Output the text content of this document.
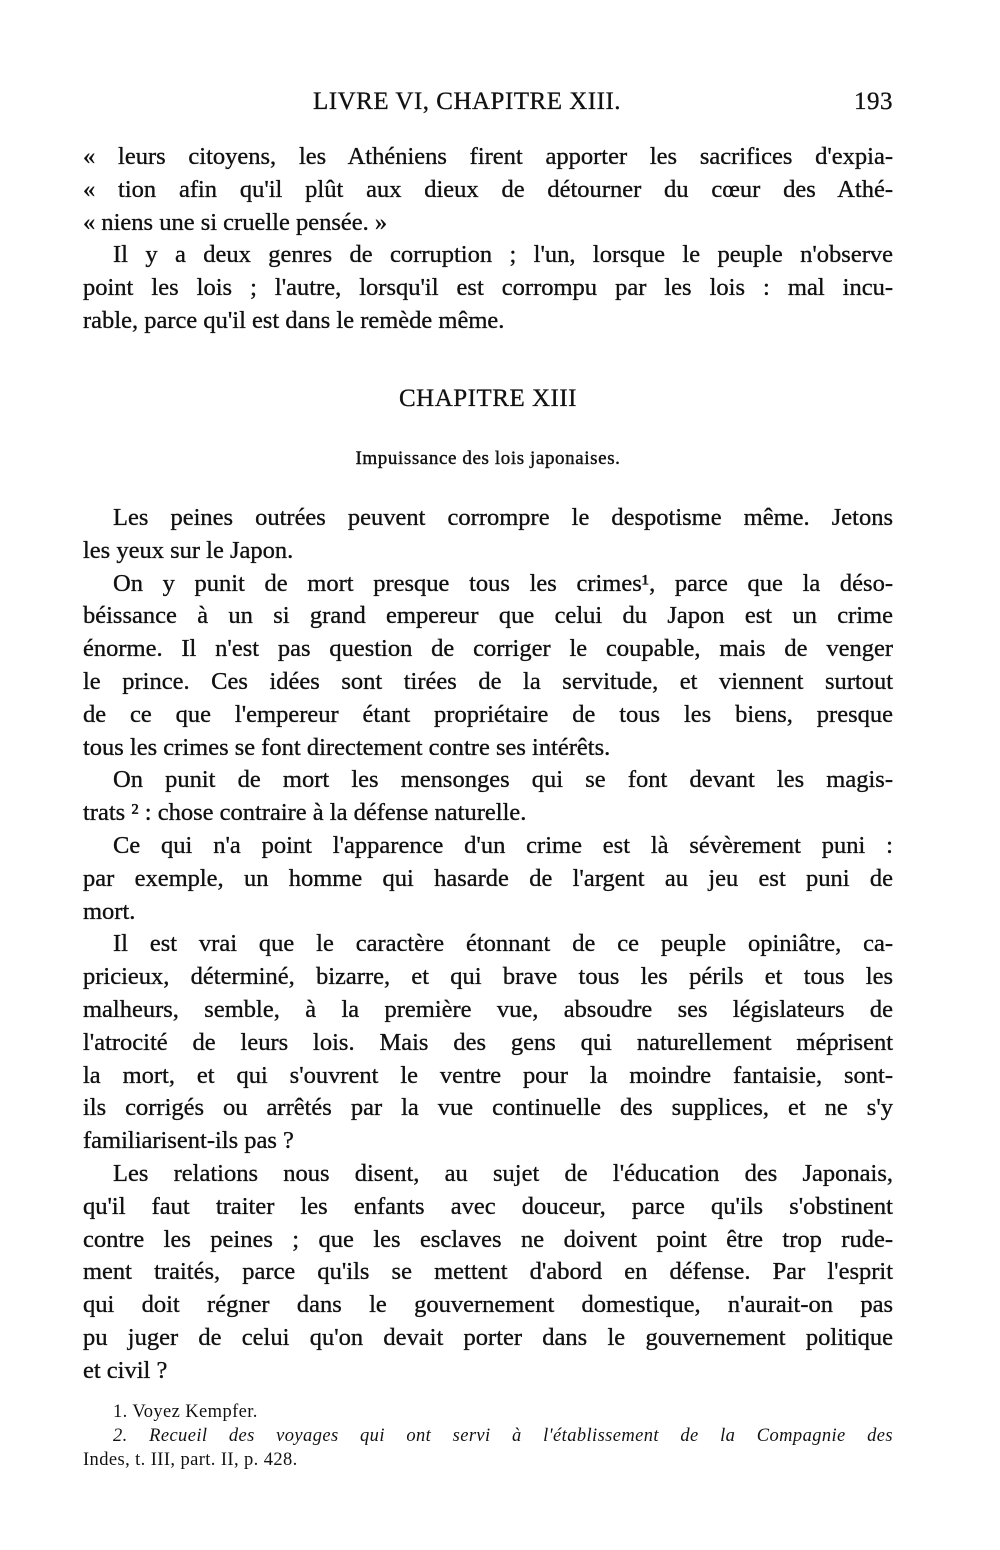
LIVRE VI, CHAPITRE XIII.	193
« leurs citoyens, les Athéniens firent apporter les sacrifices d'expia-
« tion afin qu'il plût aux dieux de détourner du cœur des Athé-
« niens une si cruelle pensée. »
Il y a deux genres de corruption ; l'un, lorsque le peuple n'observe
point les lois ; l'autre, lorsqu'il est corrompu par les lois : mal incu-
rable, parce qu'il est dans le remède même.
CHAPITRE XIII
Impuissance des lois japonaises.
Les peines outrées peuvent corrompre le despotisme même. Jetons
les yeux sur le Japon.
On y punit de mort presque tous les crimes¹, parce que la déso-
béissance à un si grand empereur que celui du Japon est un crime
énorme. Il n'est pas question de corriger le coupable, mais de venger
le prince. Ces idées sont tirées de la servitude, et viennent surtout
de ce que l'empereur étant propriétaire de tous les biens, presque
tous les crimes se font directement contre ses intérêts.
On punit de mort les mensonges qui se font devant les magis-
trats ² : chose contraire à la défense naturelle.
Ce qui n'a point l'apparence d'un crime est là sévèrement puni :
par exemple, un homme qui hasarde de l'argent au jeu est puni de
mort.
Il est vrai que le caractère étonnant de ce peuple opiniâtre, ca-
pricieux, déterminé, bizarre, et qui brave tous les périls et tous les
malheurs, semble, à la première vue, absoudre ses législateurs de
l'atrocité de leurs lois. Mais des gens qui naturellement méprisent
la mort, et qui s'ouvrent le ventre pour la moindre fantaisie, sont-
ils corrigés ou arrêtés par la vue continuelle des supplices, et ne s'y
familiarisent-ils pas ?
Les relations nous disent, au sujet de l'éducation des Japonais,
qu'il faut traiter les enfants avec douceur, parce qu'ils s'obstinent
contre les peines ; que les esclaves ne doivent point être trop rude-
ment traités, parce qu'ils se mettent d'abord en défense. Par l'esprit
qui doit régner dans le gouvernement domestique, n'aurait-on pas
pu juger de celui qu'on devait porter dans le gouvernement politique
et civil ?
1. Voyez Kempfer.
2. Recueil des voyages qui ont servi à l'établissement de la Compagnie des
Indes, t. III, part. II, p. 428.
